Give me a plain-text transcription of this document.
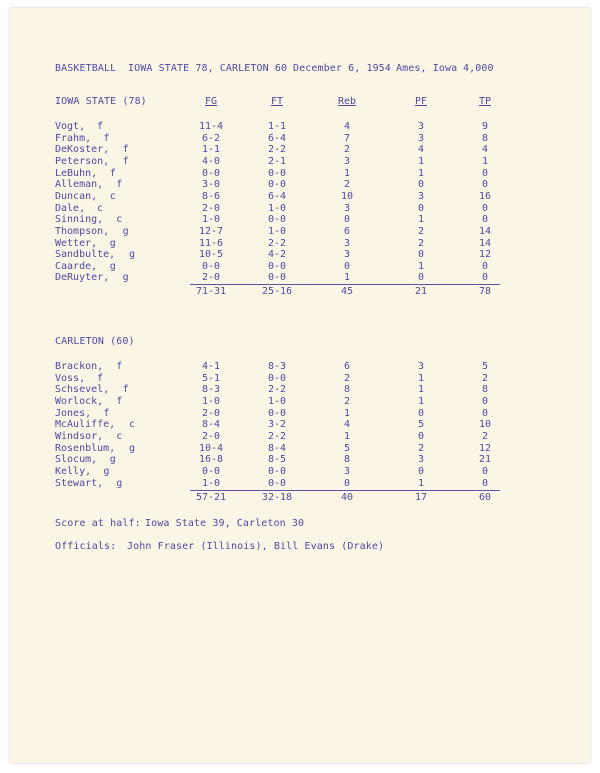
BASKETBALL IOWA STATE 78, CARLETON 60 December 6, 1954 Ames, Iowa 4,000
IOWA STATE (78)	FG	FT	Reb	PF	TP
Vogt, f	11-4	1-1	4	3	9
Frahm, f	6-2	6-4	7	3	8
DeKoster, f	1-1	2-2	2	4	4
Peterson, f	4-0	2-1	3	1	1
LeBuhn, f	0-0	0-0	1	1	0
Alleman, f	3-0	0-0	2	0	0
Duncan, c	8-6	6-4	10	3	16
Dale, c	2-0	1-0	3	0	0
Sinning, c	1-0	0-0	0	1	0
Thompson, g	12-7	1-0	6	2	14
Wetter, g	11-6	2-2	3	2	14
Sandbulte, g	10-5	4-2	3	0	12
Caarde, g	0-0	0-0	0	1	0
DeRuyter, g	2-0	0-0	1	0	0
71-31	25-16	45	21	78
CARLETON (60)
Brackon, f	4-1	8-3	6	3	5
Voss, f	5-1	0-0	2	1	2
Schsevel, f	8-3	2-2	8	1	8
Worlock, f	1-0	1-0	2	1	0
Jones, f	2-0	0-0	1	0	0
McAuliffe, c	8-4	3-2	4	5	10
Windsor, c	2-0	2-2	1	0	2
Rosenblum, g	10-4	8-4	5	2	12
Slocum, g	16-8	8-5	8	3	21
Kelly, g	0-0	0-0	3	0	0
Stewart, g	1-0	0-0	0	1	0
57-21	32-18	40	17	60
Score at half: Iowa State 39, Carleton 30
Officials: John Fraser (Illinois), Bill Evans (Drake)
